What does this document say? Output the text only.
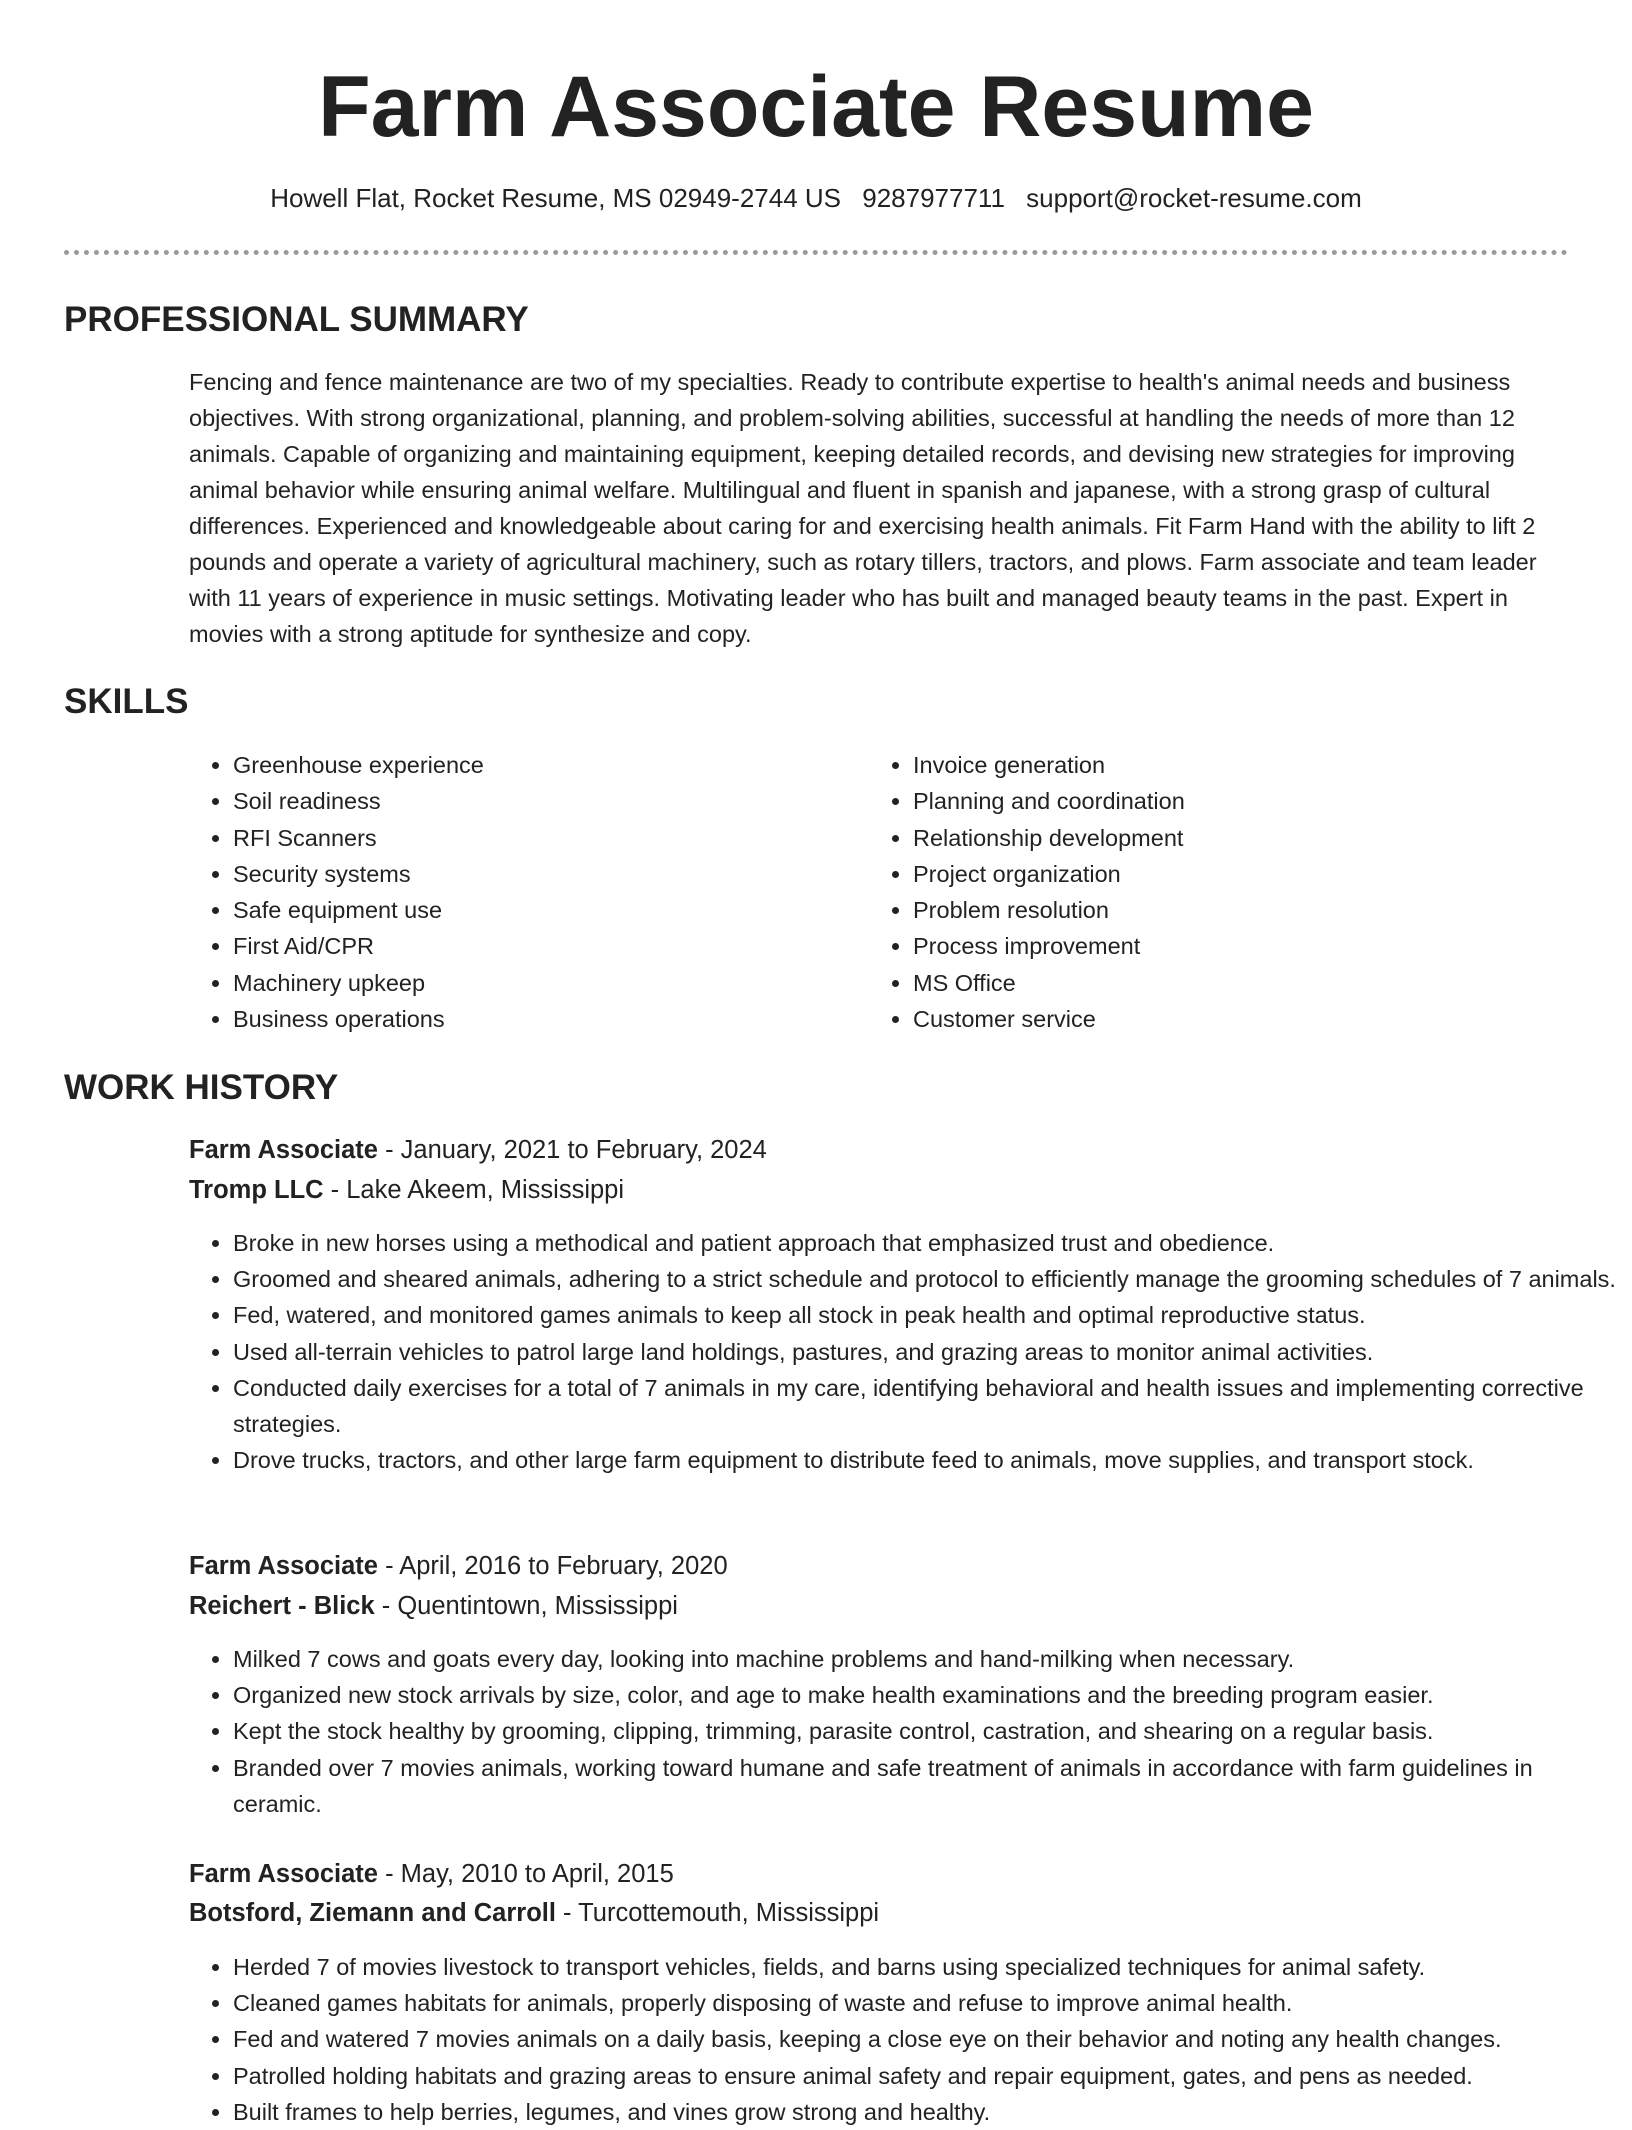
Farm Associate Resume
Howell Flat, Rocket Resume, MS 02949-2744 US 9287977711 support@rocket-resume.com
PROFESSIONAL SUMMARY

Fencing and fence maintenance are two of my specialties. Ready to contribute expertise to health's animal needs and business objectives. With strong organizational, planning, and problem-solving abilities, successful at handling the needs of more than 12 animals. Capable of organizing and maintaining equipment, keeping detailed records, and devising new strategies for improving animal behavior while ensuring animal welfare. Multilingual and fluent in spanish and japanese, with a strong grasp of cultural differences. Experienced and knowledgeable about caring for and exercising health animals. Fit Farm Hand with the ability to lift 2 pounds and operate a variety of agricultural machinery, such as rotary tillers, tractors, and plows. Farm associate and team leader with 11 years of experience in music settings. Motivating leader who has built and managed beauty teams in the past. Expert in movies with a strong aptitude for synthesize and copy.

SKILLS
• Greenhouse experience
• Soil readiness
• RFI Scanners
• Security systems
• Safe equipment use
• First Aid/CPR
• Machinery upkeep
• Business operations
• Invoice generation
• Planning and coordination
• Relationship development
• Project organization
• Problem resolution
• Process improvement
• MS Office
• Customer service
WORK HISTORY
Farm Associate - January, 2021 to February, 2024
Tromp LLC - Lake Akeem, Mississippi
• Broke in new horses using a methodical and patient approach that emphasized trust and obedience.
• Groomed and sheared animals, adhering to a strict schedule and protocol to efficiently manage the grooming schedules of 7 animals.
• Fed, watered, and monitored games animals to keep all stock in peak health and optimal reproductive status.
• Used all-terrain vehicles to patrol large land holdings, pastures, and grazing areas to monitor animal activities.
• Conducted daily exercises for a total of 7 animals in my care, identifying behavioral and health issues and implementing corrective strategies.
• Drove trucks, tractors, and other large farm equipment to distribute feed to animals, move supplies, and transport stock.
Farm Associate - April, 2016 to February, 2020
Reichert - Blick - Quentintown, Mississippi
• Milked 7 cows and goats every day, looking into machine problems and hand-milking when necessary.
• Organized new stock arrivals by size, color, and age to make health examinations and the breeding program easier.
• Kept the stock healthy by grooming, clipping, trimming, parasite control, castration, and shearing on a regular basis.
• Branded over 7 movies animals, working toward humane and safe treatment of animals in accordance with farm guidelines in ceramic.
Farm Associate - May, 2010 to April, 2015
Botsford, Ziemann and Carroll - Turcottemouth, Mississippi
• Herded 7 of movies livestock to transport vehicles, fields, and barns using specialized techniques for animal safety.
• Cleaned games habitats for animals, properly disposing of waste and refuse to improve animal health.
• Fed and watered 7 movies animals on a daily basis, keeping a close eye on their behavior and noting any health changes.
• Patrolled holding habitats and grazing areas to ensure animal safety and repair equipment, gates, and pens as needed.
• Built frames to help berries, legumes, and vines grow strong and healthy.
